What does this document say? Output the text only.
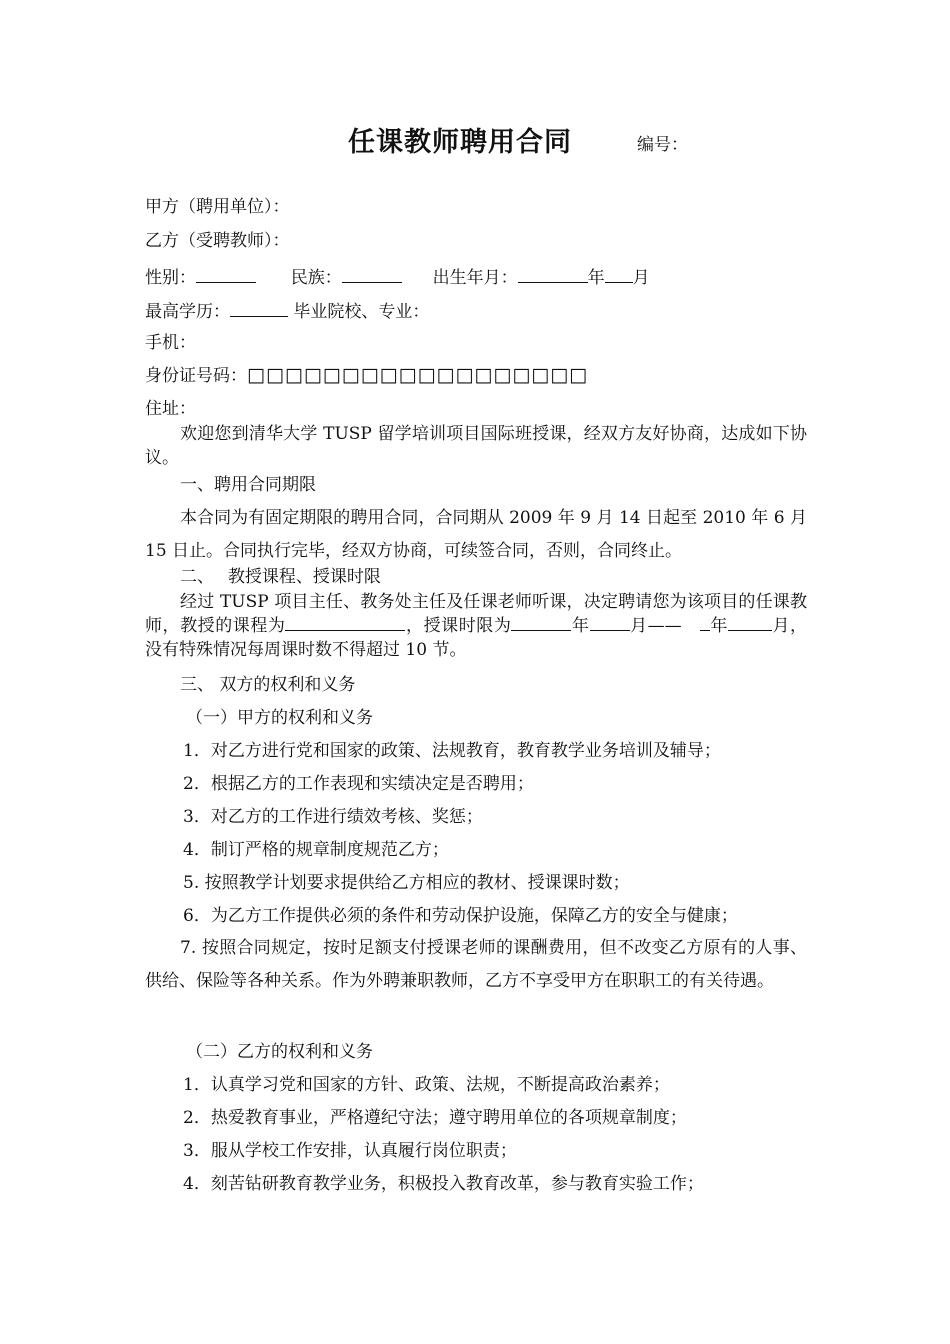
任课教师聘用合同	编号：
甲方（聘用单位）：
乙方（受聘教师）：
性别：	民族：	出生年月：	年 月
最高学历：	毕业院校、专业：
手机：
身份证号码：□□□□□□□□□□□□□□□□□□
住址：
欢迎您到清华大学 TUSP 留学培训项目国际班授课，经双方友好协商，达成如下协议。
一、聘用合同期限
本合同为有固定期限的聘用合同，合同期从 2009 年 9 月 14 日起至 2010 年 6 月 15 日止。合同执行完毕，经双方协商，可续签合同，否则，合同终止。
二、　 教授课程、授课时限
经过 TUSP 项目主任、教务处主任及任课老师听课，决定聘请您为该项目的任课教师，教授的课程为	，授课时限为	年 月——　 年	月，没有特殊情况每周课时数不得超过 10 节。
三、 双方的权利和义务
（一）甲方的权利和义务
1．对乙方进行党和国家的政策、法规教育，教育教学业务培训及辅导；
2．根据乙方的工作表现和实绩决定是否聘用；
3．对乙方的工作进行绩效考核、奖惩；
4．制订严格的规章制度规范乙方；
5. 按照教学计划要求提供给乙方相应的教材、授课课时数；
6．为乙方工作提供必须的条件和劳动保护设施，保障乙方的安全与健康；
7. 按照合同规定，按时足额支付授课老师的课酬费用，但不改变乙方原有的人事、供给、保险等各种关系。作为外聘兼职教师，乙方不享受甲方在职职工的有关待遇。
（二）乙方的权利和义务
1．认真学习党和国家的方针、政策、法规，不断提高政治素养；
2．热爱教育事业，严格遵纪守法；遵守聘用单位的各项规章制度；
3．服从学校工作安排，认真履行岗位职责；
4．刻苦钻研教育教学业务，积极投入教育改革，参与教育实验工作；
